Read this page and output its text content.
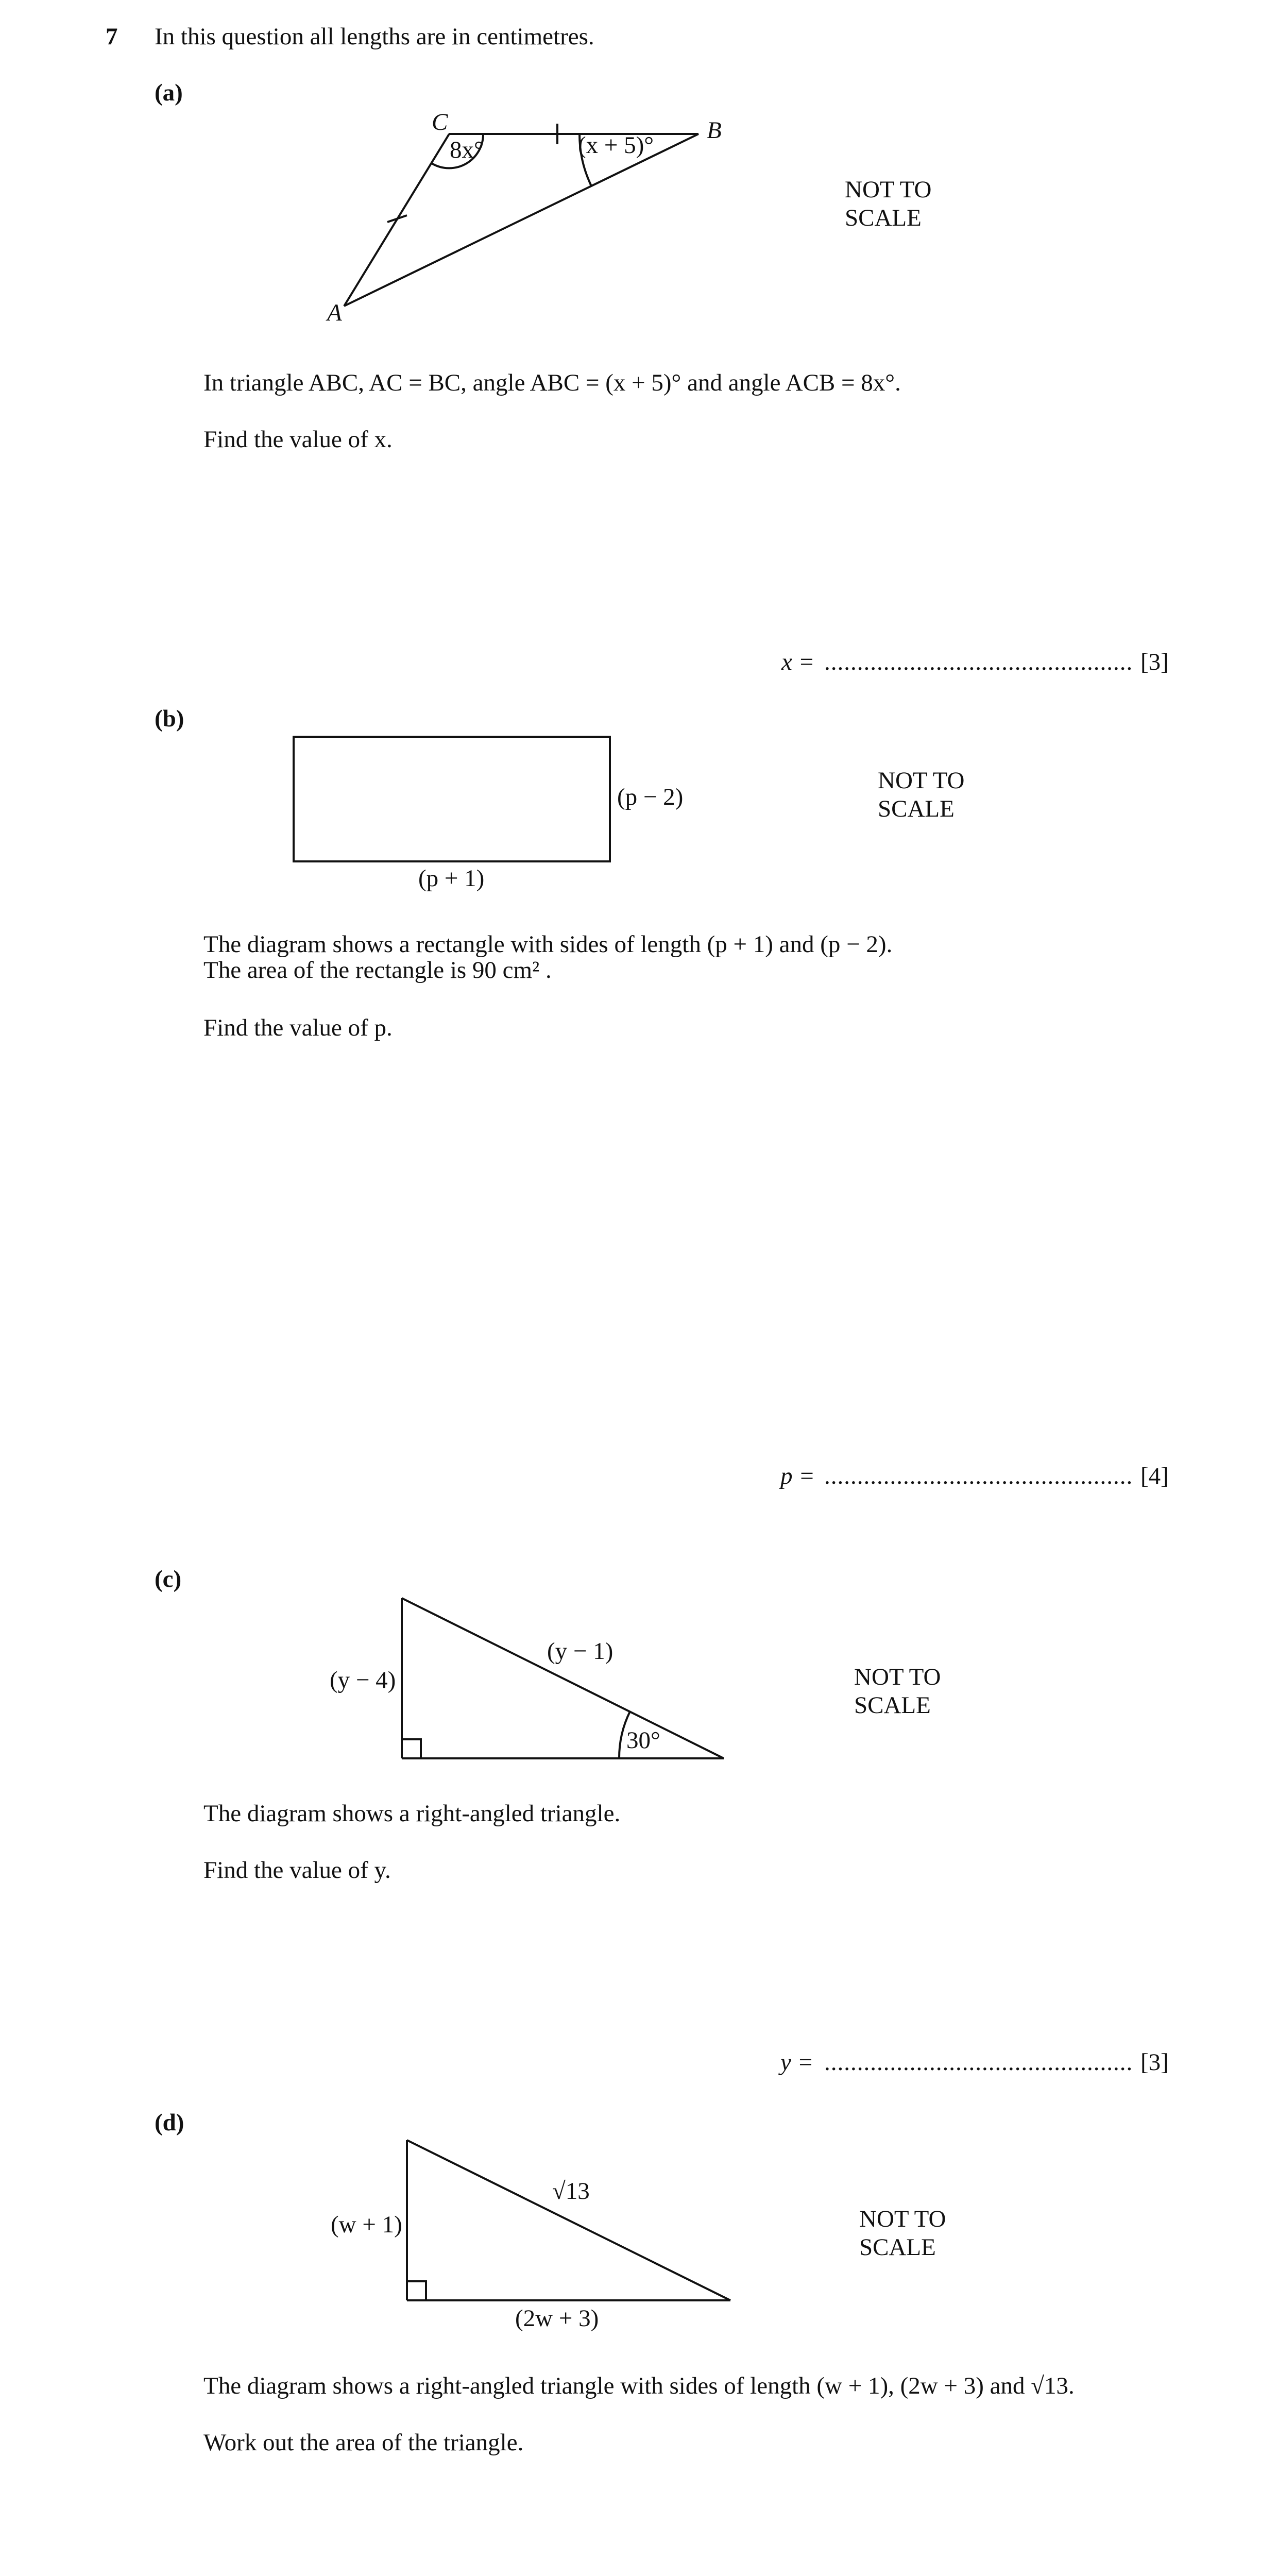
7 In this question all lengths are in centimetres.
(a)
C	B
A
8x°	(x + 5)°
NOT TO
SCALE
In triangle ABC, AC = BC, angle ABC = (x + 5)° and angle ACB = 8x°.
Find the value of x.
x = ............................................... [3]
(b)
(p − 2)
(p + 1)
NOT TO
SCALE
The diagram shows a rectangle with sides of length (p + 1) and (p − 2).
The area of the rectangle is 90 cm² .
Find the value of p.
p = ............................................... [4]
(c)
(y − 4)
(y − 1)
30°
NOT TO
SCALE
The diagram shows a right-angled triangle.
Find the value of y.
y = ............................................... [3]
(d)
(w + 1)
√13
(2w + 3)
NOT TO
SCALE
The diagram shows a right-angled triangle with sides of length (w + 1), (2w + 3) and √13.
Work out the area of the triangle.
